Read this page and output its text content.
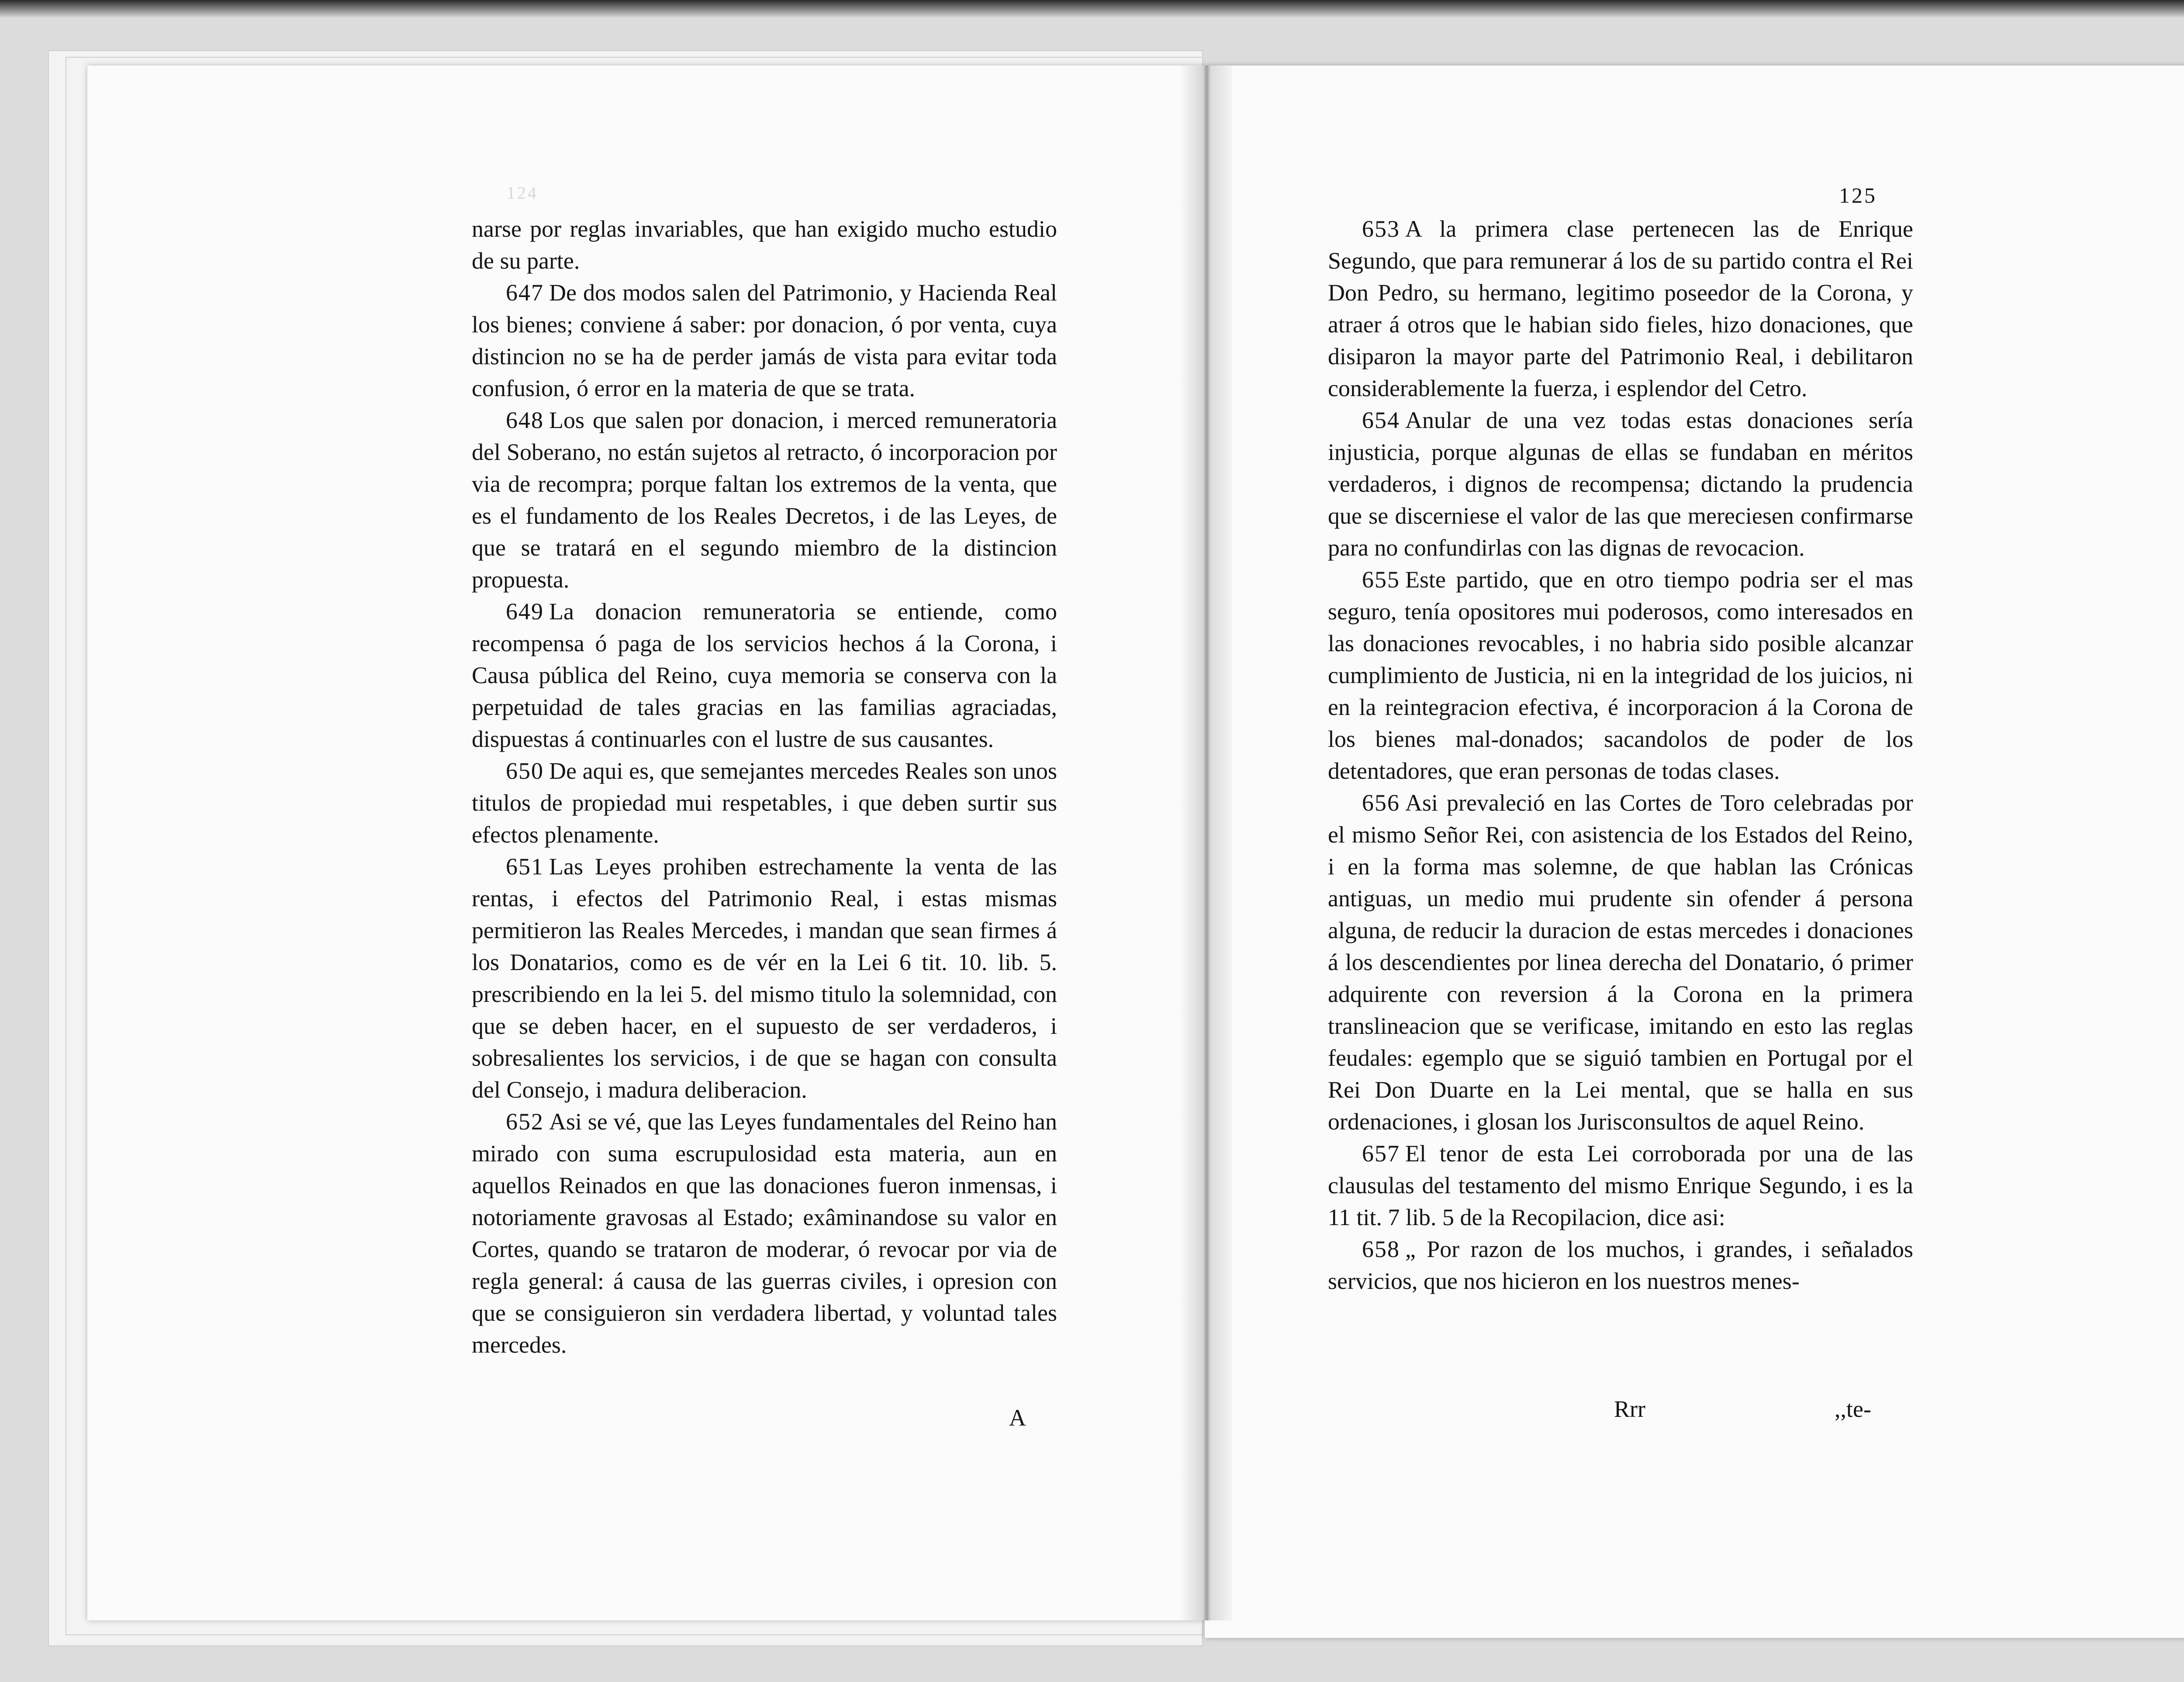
124	125

narse por reglas invariables, que han exigido mucho estudio de su parte.

647 De dos modos salen del Patrimonio, y Hacienda Real los bienes; conviene á saber: por donacion, ó por venta, cuya distincion no se ha de perder jamás de vista para evitar toda confusion, ó error en la materia de que se trata.

648 Los que salen por donacion, i merced remuneratoria del Soberano, no están sujetos al retracto, ó incorporacion por via de recompra; porque faltan los extremos de la venta, que es el fundamento de los Reales Decretos, i de las Leyes, de que se tratará en el segundo miembro de la distincion propuesta.

649 La donacion remuneratoria se entiende, como recompensa ó paga de los servicios hechos á la Corona, i Causa pública del Reino, cuya memoria se conserva con la perpetuidad de tales gracias en las familias agraciadas, dispuestas á continuarles con el lustre de sus causantes.

650 De aqui es, que semejantes mercedes Reales son unos titulos de propiedad mui respetables, i que deben surtir sus efectos plenamente.

651 Las Leyes prohiben estrechamente la venta de las rentas, i efectos del Patrimonio Real, i estas mismas permitieron las Reales Mercedes, i mandan que sean firmes á los Donatarios, como es de vér en la Lei 6 tit. 10. lib. 5. prescribiendo en la lei 5. del mismo titulo la solemnidad, con que se deben hacer, en el supuesto de ser verdaderos, i sobresalientes los servicios, i de que se hagan con consulta del Consejo, i madura deliberacion.

652 Asi se vé, que las Leyes fundamentales del Reino han mirado con suma escrupulosidad esta materia, aun en aquellos Reinados en que las donaciones fueron inmensas, i notoriamente gravosas al Estado; exâminandose su valor en Cortes, quando se trataron de moderar, ó revocar por via de regla general: á causa de las guerras civiles, i opresion con que se consiguieron sin verdadera libertad, y voluntad tales mercedes.

A

653 A la primera clase pertenecen las de Enrique Segundo, que para remunerar á los de su partido contra el Rei Don Pedro, su hermano, legitimo poseedor de la Corona, y atraer á otros que le habian sido fieles, hizo donaciones, que disiparon la mayor parte del Patrimonio Real, i debilitaron considerablemente la fuerza, i esplendor del Cetro.

654 Anular de una vez todas estas donaciones sería injusticia, porque algunas de ellas se fundaban en méritos verdaderos, i dignos de recompensa; dictando la prudencia que se discerniese el valor de las que mereciesen confirmarse para no confundirlas con las dignas de revocacion.

655 Este partido, que en otro tiempo podria ser el mas seguro, tenía opositores mui poderosos, como interesados en las donaciones revocables, i no habria sido posible alcanzar cumplimiento de Justicia, ni en la integridad de los juicios, ni en la reintegracion efectiva, é incorporacion á la Corona de los bienes mal-donados; sacandolos de poder de los detentadores, que eran personas de todas clases.

656 Asi prevaleció en las Cortes de Toro celebradas por el mismo Señor Rei, con asistencia de los Estados del Reino, i en la forma mas solemne, de que hablan las Crónicas antiguas, un medio mui prudente sin ofender á persona alguna, de reducir la duracion de estas mercedes i donaciones á los descendientes por linea derecha del Donatario, ó primer adquirente con reversion á la Corona en la primera translineacion que se verificase, imitando en esto las reglas feudales: egemplo que se siguió tambien en Portugal por el Rei Don Duarte en la Lei mental, que se halla en sus ordenaciones, i glosan los Jurisconsultos de aquel Reino.

657 El tenor de esta Lei corroborada por una de las clausulas del testamento del mismo Enrique Segundo, i es la 11 tit. 7 lib. 5 de la Recopilacion, dice asi:

658 „ Por razon de los muchos, i grandes, i señalados servicios, que nos hicieron en los nuestros menes-

Rrr	,,te-
